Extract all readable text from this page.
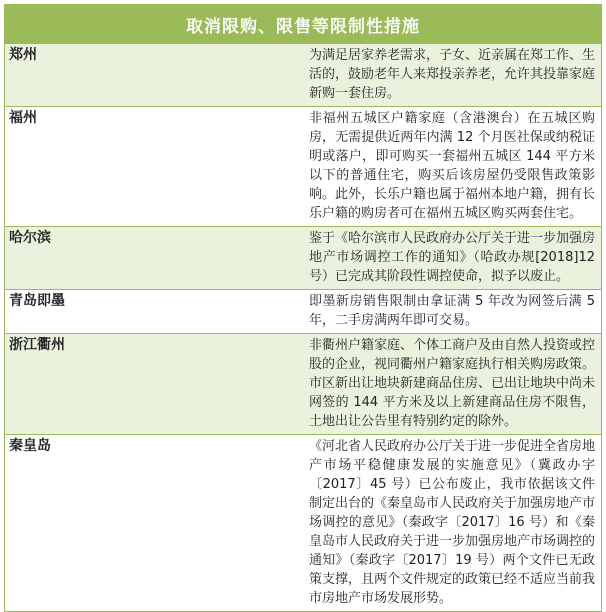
取消限购、限售等限制性措施	
郑州	为满足居家养老需求，子女、近亲属在郑工作、生活的，鼓励老年人来郑投亲养老，允许其投靠家庭新购一套住房。

福州	非福州五城区户籍家庭（含港澳台）在五城区购房，无需提供近两年内满 12 个月医社保或纳税证明或落户，即可购买一套福州五城区 144 平方米以下的普通住宅，购买后该房屋仍受限售政策影响。此外，长乐户籍也属于福州本地户籍，拥有长乐户籍的购房者可在福州五城区购买两套住宅。

哈尔滨	鉴于《哈尔滨市人民政府办公厅关于进一步加强房地产市场调控工作的通知》（哈政办规[2018]12 号）已完成其阶段性调控使命，拟予以废止。

青岛即墨	即墨新房销售限制由拿证满 5 年改为网签后满 5 年，二手房满两年即可交易。

浙江衢州	非衢州户籍家庭、个体工商户及由自然人投资或控股的企业，视同衢州户籍家庭执行相关购房政策。
市区新出让地块新建商品住房、已出让地块中尚未网签的 144 平方米及以上新建商品住房不限售，土地出让公告里有特别约定的除外。

秦皇岛	《河北省人民政府办公厅关于进一步促进全省房地产市场平稳健康发展的实施意见》（冀政办字〔2017〕45 号）已公布废止，我市依据该文件制定出台的《秦皇岛市人民政府关于加强房地产市场调控的意见》（秦政字〔2017〕16 号）和《秦皇岛市人民政府关于进一步加强房地产市场调控的通知》（秦政字〔2017〕19 号）两个文件已无政策支撑，且两个文件规定的政策已经不适应当前我市房地产市场发展形势。
